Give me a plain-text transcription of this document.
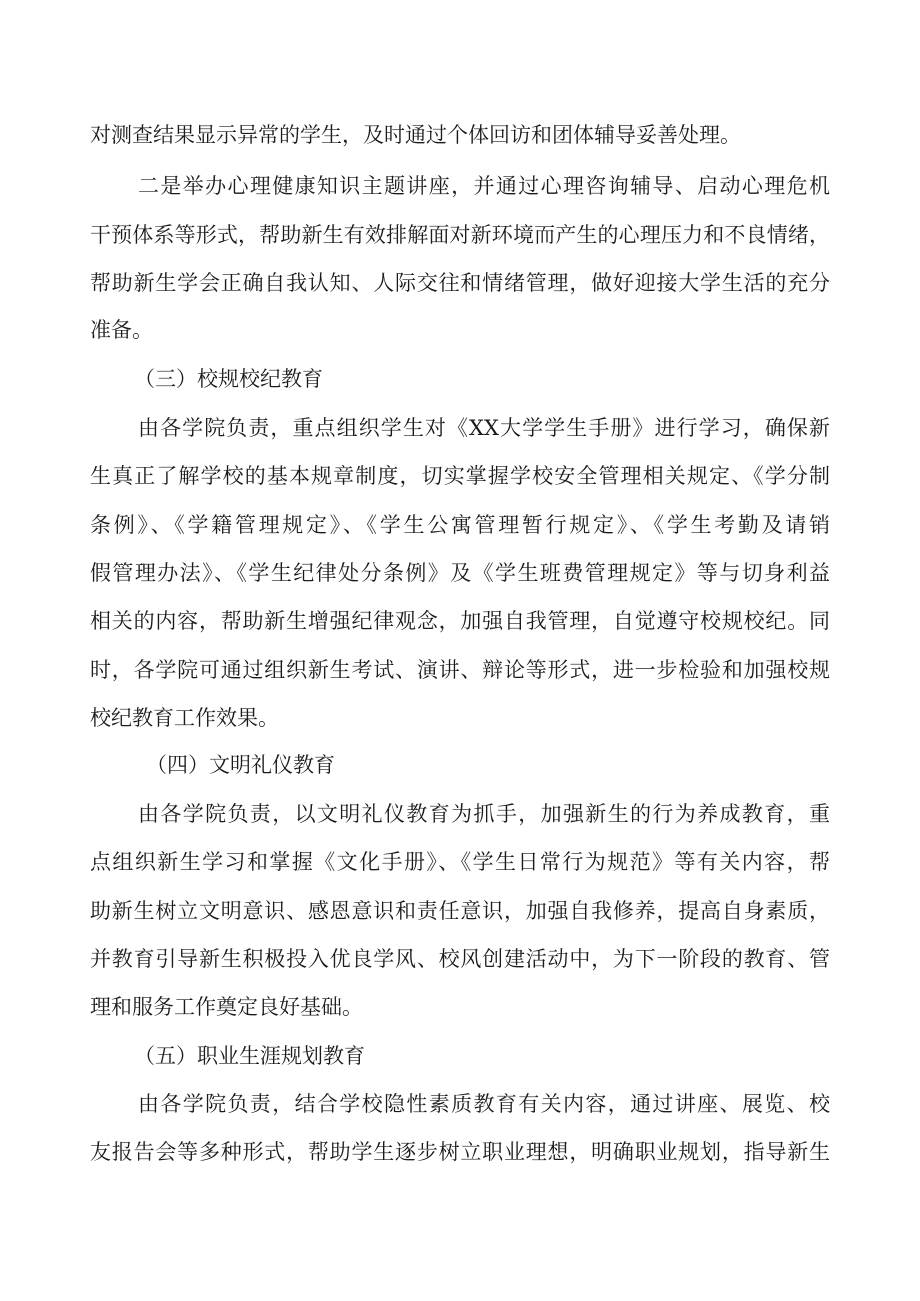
对测查结果显示异常的学生，及时通过个体回访和团体辅导妥善处理。
二是举办心理健康知识主题讲座，并通过心理咨询辅导、启动心理危机
干预体系等形式，帮助新生有效排解面对新环境而产生的心理压力和不良情绪，
帮助新生学会正确自我认知、人际交往和情绪管理，做好迎接大学生活的充分
准备。
（三）校规校纪教育
由各学院负责，重点组织学生对《XX大学学生手册》进行学习，确保新
生真正了解学校的基本规章制度，切实掌握学校安全管理相关规定、《学分制
条例》、《学籍管理规定》、《学生公寓管理暂行规定》、《学生考勤及请销
假管理办法》、《学生纪律处分条例》及《学生班费管理规定》等与切身利益
相关的内容，帮助新生增强纪律观念，加强自我管理，自觉遵守校规校纪。同
时，各学院可通过组织新生考试、演讲、辩论等形式，进一步检验和加强校规
校纪教育工作效果。
（四）文明礼仪教育
由各学院负责，以文明礼仪教育为抓手，加强新生的行为养成教育，重
点组织新生学习和掌握《文化手册》、《学生日常行为规范》等有关内容，帮
助新生树立文明意识、感恩意识和责任意识，加强自我修养，提高自身素质，
并教育引导新生积极投入优良学风、校风创建活动中，为下一阶段的教育、管
理和服务工作奠定良好基础。
（五）职业生涯规划教育
由各学院负责，结合学校隐性素质教育有关内容，通过讲座、展览、校
友报告会等多种形式，帮助学生逐步树立职业理想，明确职业规划，指导新生
